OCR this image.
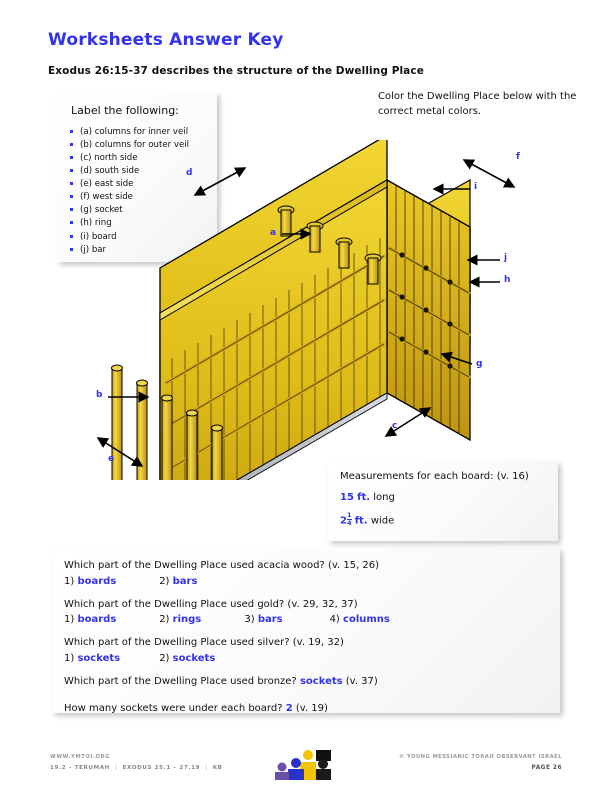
Worksheets Answer Key
Exodus 26:15-37 describes the structure of the Dwelling Place
Color the Dwelling Place below with the correct metal colors.
Label the following:
(a) columns for inner veil
(b) columns for outer veil
(c) north side
(d) south side
(e) east side
(f) west side
(g) socket
(h) ring
(i) board
(j) bar
d
f
a
i
j
h
g
b
c
e
Measurements for each board: (v. 16)
15 ft. long
$2 \frac{1}{4}$ ft. wide
Which part of the Dwelling Place used acacia wood? (v. 15, 26)
1) boards	2) bars
Which part of the Dwelling Place used gold? (v. 29, 32, 37)
1) boards	2) rings	3) bars	4) columns
Which part of the Dwelling Place used silver? (v. 19, 32)
1) sockets	2) sockets
Which part of the Dwelling Place used bronze? sockets (v. 37)
How many sockets were under each board? 2 (v. 19)
WWW.YMTOI.ORG
19.2 – TERUMAH | EXODUS 25.1 – 27.19 | KB
© YOUNG MESSIANIC TORAH OBSERVANT ISRAEL
PAGE 26
